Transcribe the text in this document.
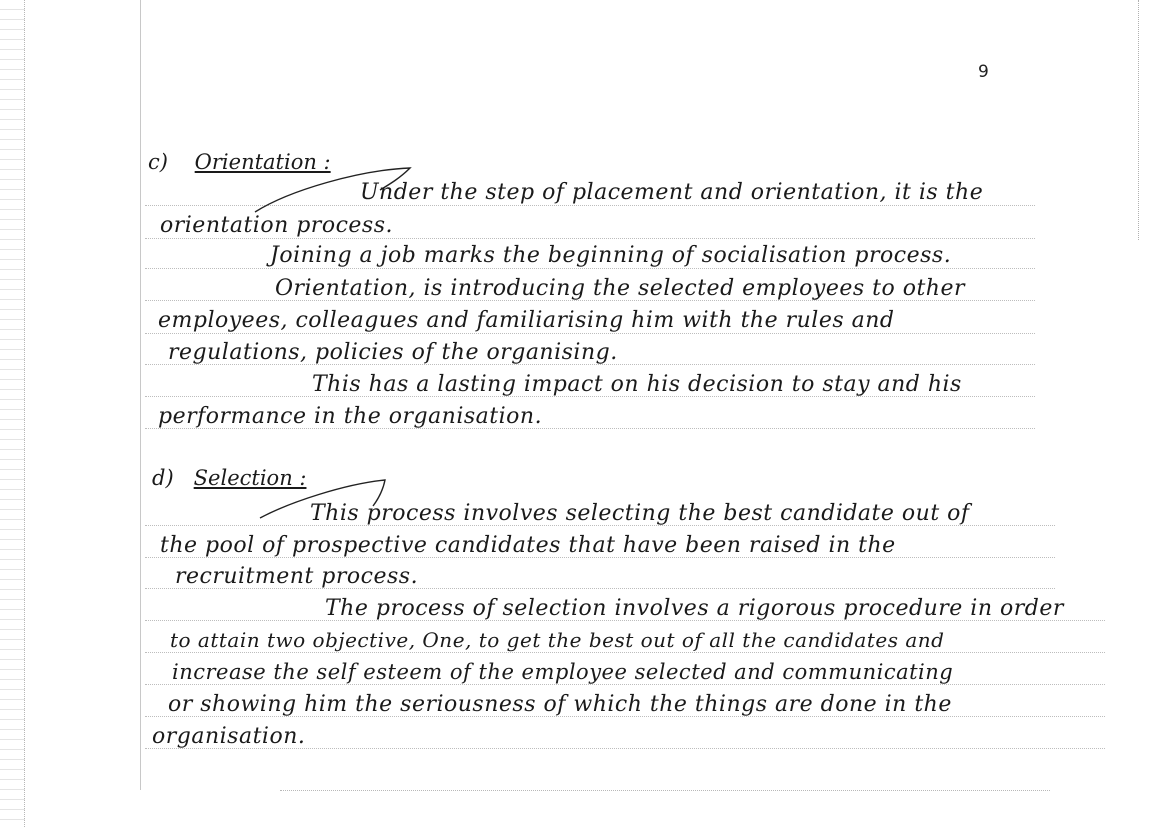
9
c) Orientation :
Under the step of placement and orientation, it is the
orientation process.
Joining a job marks the beginning of socialisation process.
Orientation, is introducing the selected employees to other
employees, colleagues and familiarising him with the rules and
regulations, policies of the organising.
This has a lasting impact on his decision to stay and his
performance in the organisation.
d) Selection :
This process involves selecting the best candidate out of
the pool of prospective candidates that have been raised in the
recruitment process.
The process of selection involves a rigorous procedure in order
to attain two objective, One, to get the best out of all the candidates and
increase the self esteem of the employee selected and communicating
or showing him the seriousness of which the things are done in the
organisation.
